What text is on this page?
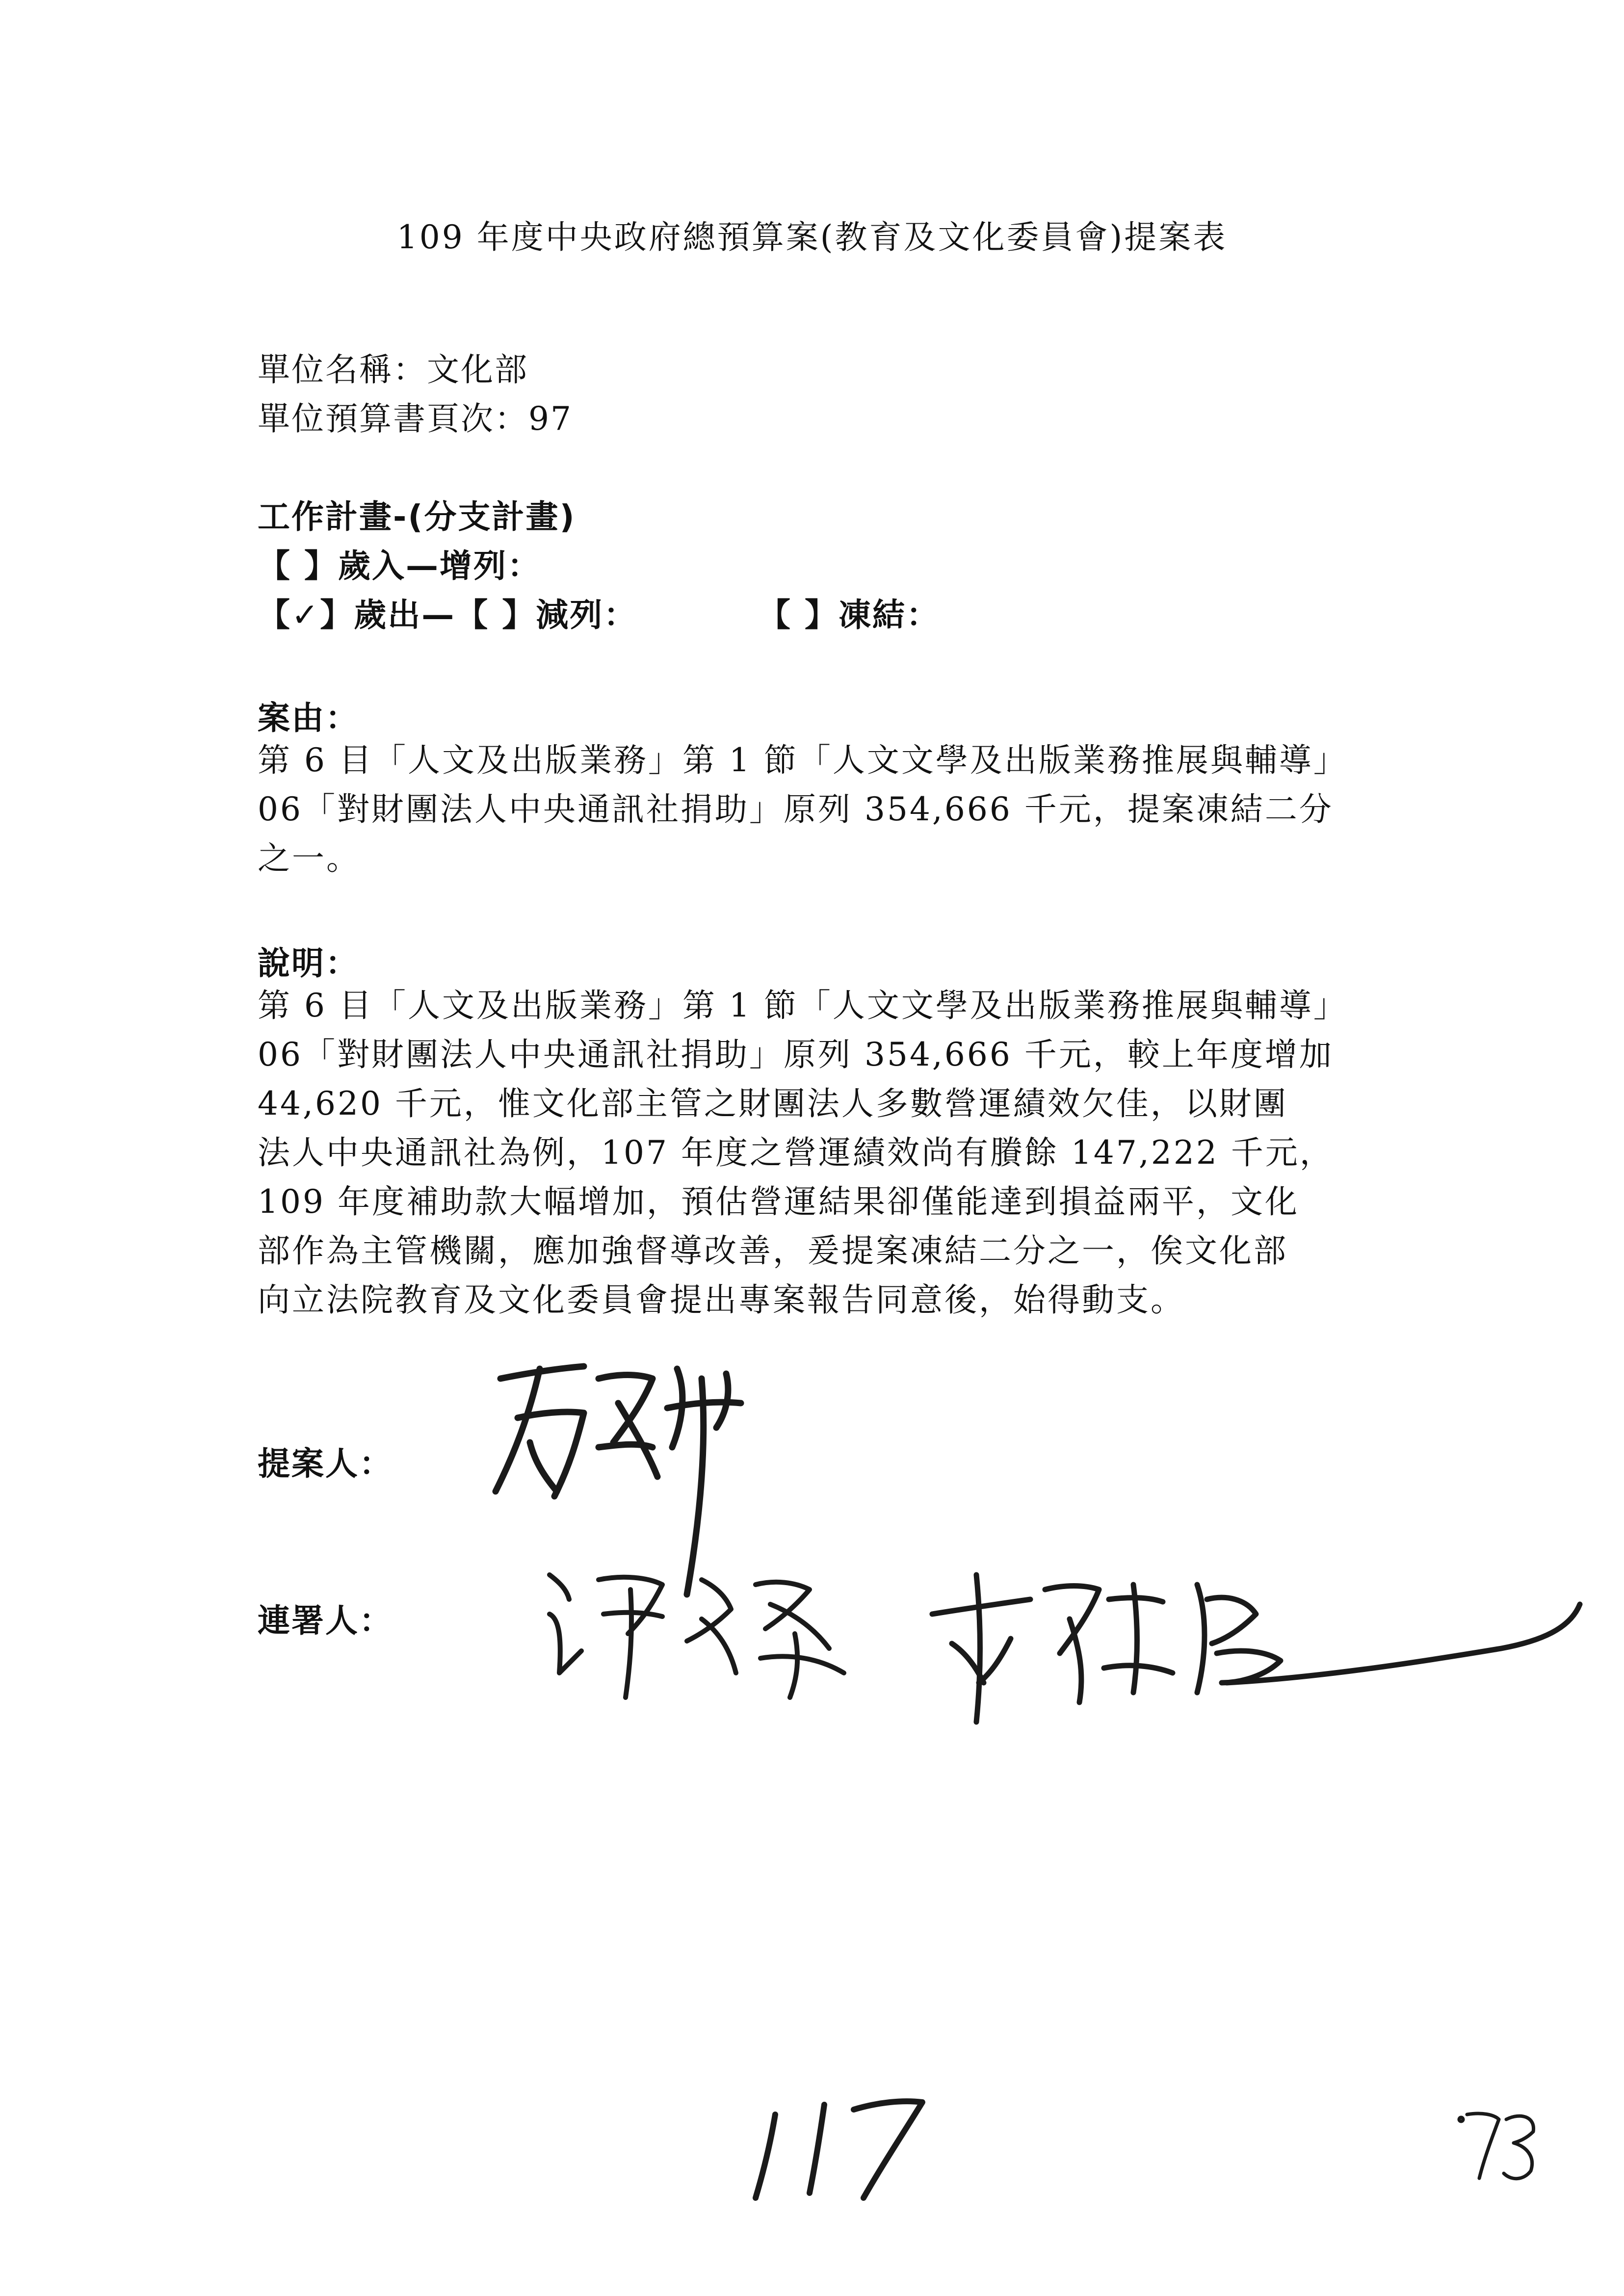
109 年度中央政府總預算案(教育及文化委員會)提案表
單位名稱：文化部
單位預算書頁次：97
工作計畫-(分支計畫)
【 】歲入—增列：
【✓】歲出—【 】減列：	【 】凍結：
案由：
第 6 目「人文及出版業務」第 1 節「人文文學及出版業務推展與輔導」
06「對財團法人中央通訊社捐助」原列 354,666 千元，提案凍結二分
之一。
說明：
第 6 目「人文及出版業務」第 1 節「人文文學及出版業務推展與輔導」
06「對財團法人中央通訊社捐助」原列 354,666 千元，較上年度增加
44,620 千元，惟文化部主管之財團法人多數營運績效欠佳，以財團
法人中央通訊社為例，107 年度之營運績效尚有賸餘 147,222 千元，
109 年度補助款大幅增加，預估營運結果卻僅能達到損益兩平，文化
部作為主管機關，應加強督導改善，爰提案凍結二分之一，俟文化部
向立法院教育及文化委員會提出專案報告同意後，始得動支。
提案人：
連署人：
